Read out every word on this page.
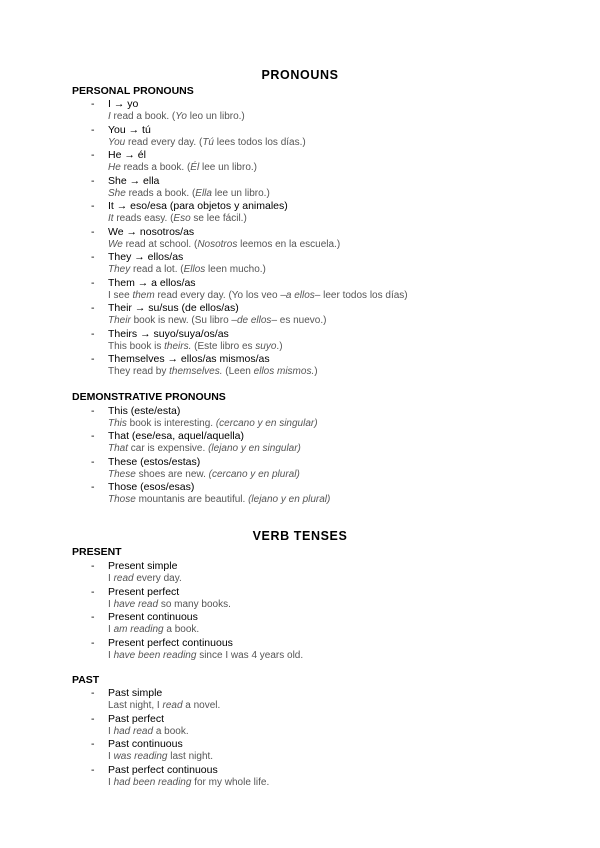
PRONOUNS
PERSONAL PRONOUNS
- I → yo
I read a book. (Yo leo un libro.)
- You → tú
You read every day. (Tú lees todos los días.)
- He → él
He reads a book. (Él lee un libro.)
- She → ella
She reads a book. (Ella lee un libro.)
- It → eso/esa (para objetos y animales)
It reads easy. (Eso se lee fácil.)
- We → nosotros/as
We read at school. (Nosotros leemos en la escuela.)
- They → ellos/as
They read a lot. (Ellos leen mucho.)
- Them → a ellos/as
I see them read every day. (Yo los veo –a ellos– leer todos los días)
- Their → su/sus (de ellos/as)
Their book is new. (Su libro –de ellos– es nuevo.)
- Theirs → suyo/suya/os/as
This book is theirs. (Este libro es suyo.)
- Themselves → ellos/as mismos/as
They read by themselves. (Leen ellos mismos.)
DEMONSTRATIVE PRONOUNS
- This (este/esta)
This book is interesting. (cercano y en singular)
- That (ese/esa, aquel/aquella)
That car is expensive. (lejano y en singular)
- These (estos/estas)
These shoes are new. (cercano y en plural)
- Those (esos/esas)
Those mountanis are beautiful. (lejano y en plural)
VERB TENSES
PRESENT
- Present simple
I read every day.
- Present perfect
I have read so many books.
- Present continuous
I am reading a book.
- Present perfect continuous
I have been reading since I was 4 years old.
PAST
- Past simple
Last night, I read a novel.
- Past perfect
I had read a book.
- Past continuous
I was reading last night.
- Past perfect continuous
I had been reading for my whole life.
